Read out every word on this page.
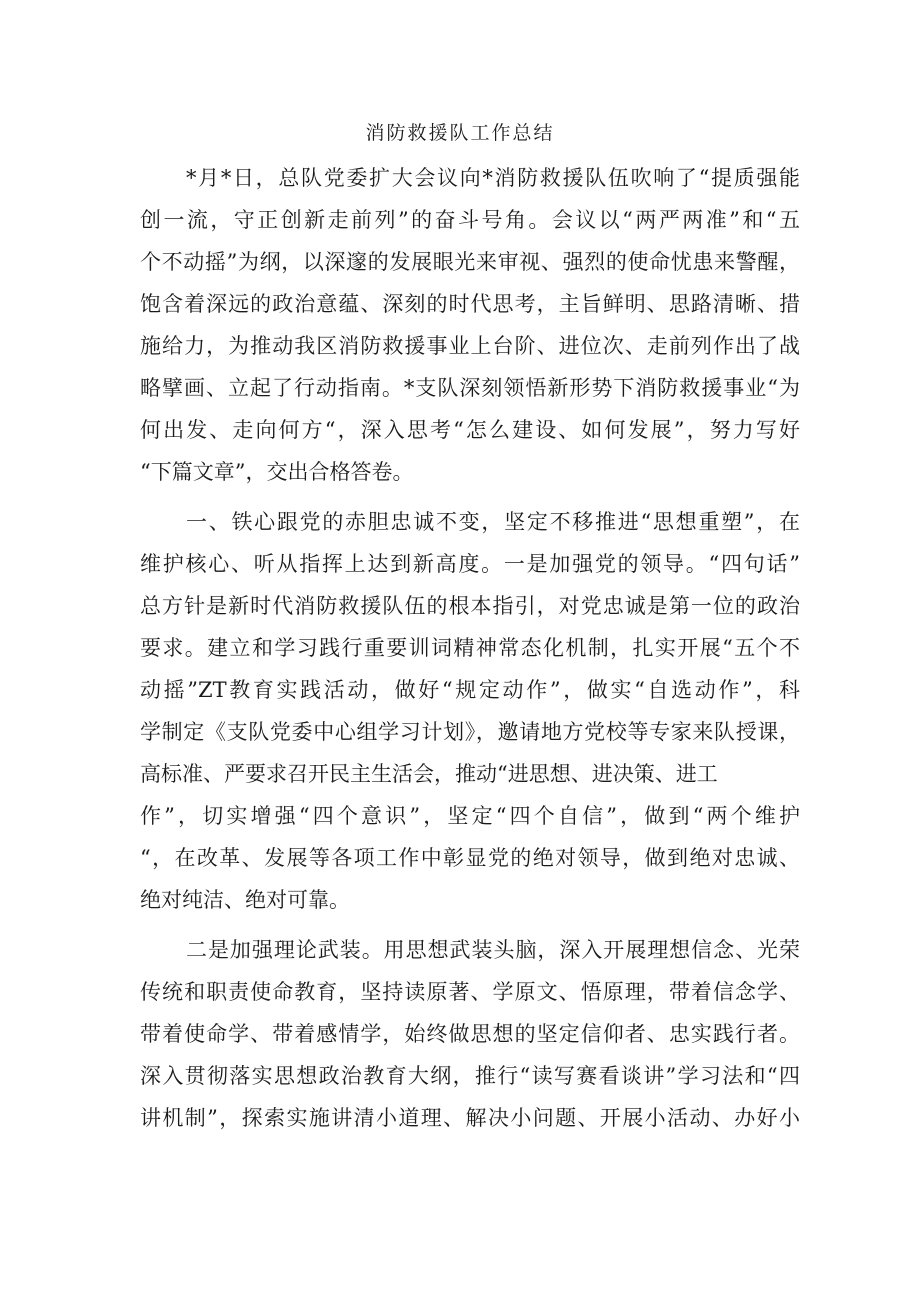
消防救援队工作总结
*月*日，总队党委扩大会议向*消防救援队伍吹响了“提质强能
创一流，守正创新走前列”的奋斗号角。会议以“两严两准”和“五
个不动摇”为纲，以深邃的发展眼光来审视、强烈的使命忧患来警醒，
饱含着深远的政治意蕴、深刻的时代思考，主旨鲜明、思路清晰、措
施给力，为推动我区消防救援事业上台阶、进位次、走前列作出了战
略擘画、立起了行动指南。*支队深刻领悟新形势下消防救援事业“为
何出发、走向何方“，深入思考“怎么建设、如何发展”，努力写好
“下篇文章”，交出合格答卷。
一、铁心跟党的赤胆忠诚不变，坚定不移推进“思想重塑”，在
维护核心、听从指挥上达到新高度。一是加强党的领导。“四句话”
总方针是新时代消防救援队伍的根本指引，对党忠诚是第一位的政治
要求。建立和学习践行重要训词精神常态化机制，扎实开展“五个不
动摇”ZT教育实践活动，做好“规定动作”，做实“自选动作”，科
学制定《支队党委中心组学习计划》，邀请地方党校等专家来队授课，
高标准、严要求召开民主生活会，推动“进思想、进决策、进工
作”，切实增强“四个意识”，坚定“四个自信”，做到“两个维护
“，在改革、发展等各项工作中彰显党的绝对领导，做到绝对忠诚、
绝对纯洁、绝对可靠。
二是加强理论武装。用思想武装头脑，深入开展理想信念、光荣
传统和职责使命教育，坚持读原著、学原文、悟原理，带着信念学、
带着使命学、带着感情学，始终做思想的坚定信仰者、忠实践行者。
深入贯彻落实思想政治教育大纲，推行“读写赛看谈讲”学习法和“四
讲机制”，探索实施讲清小道理、解决小问题、开展小活动、办好小
